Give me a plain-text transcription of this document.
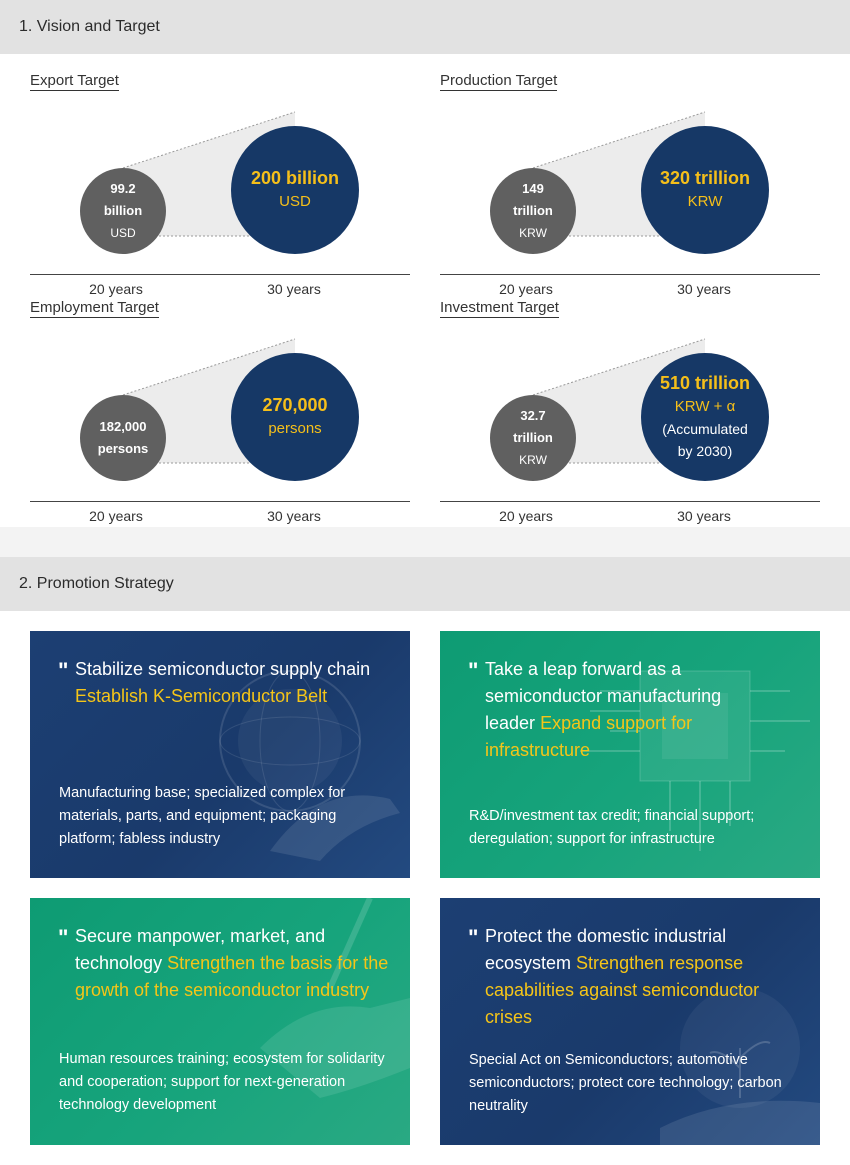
1. Vision and Target
Export Target
99.2
billion
USD
200 billion
USD
20 years	30 years
Production Target
149
trillion
KRW
320 trillion
KRW
20 years	30 years
Employment Target
182,000
persons
270,000
persons
20 years	30 years
Investment Target
32.7
trillion
KRW
510 trillion
KRW + α
(Accumulated by 2030)
20 years	30 years
2. Promotion Strategy
" Stabilize semiconductor supply chain Establish K-Semiconductor Belt
Manufacturing base; specialized complex for materials, parts, and equipment; packaging platform; fabless industry
" Take a leap forward as a semiconductor manufacturing leader Expand support for infrastructure
R&D/investment tax credit; financial support; deregulation; support for infrastructure
" Secure manpower, market, and technology Strengthen the basis for the growth of the semiconductor industry
Human resources training; ecosystem for solidarity and cooperation; support for next-generation technology development
" Protect the domestic industrial ecosystem Strengthen response capabilities against semiconductor crises
Special Act on Semiconductors; automotive semiconductors; protect core technology; carbon neutrality
